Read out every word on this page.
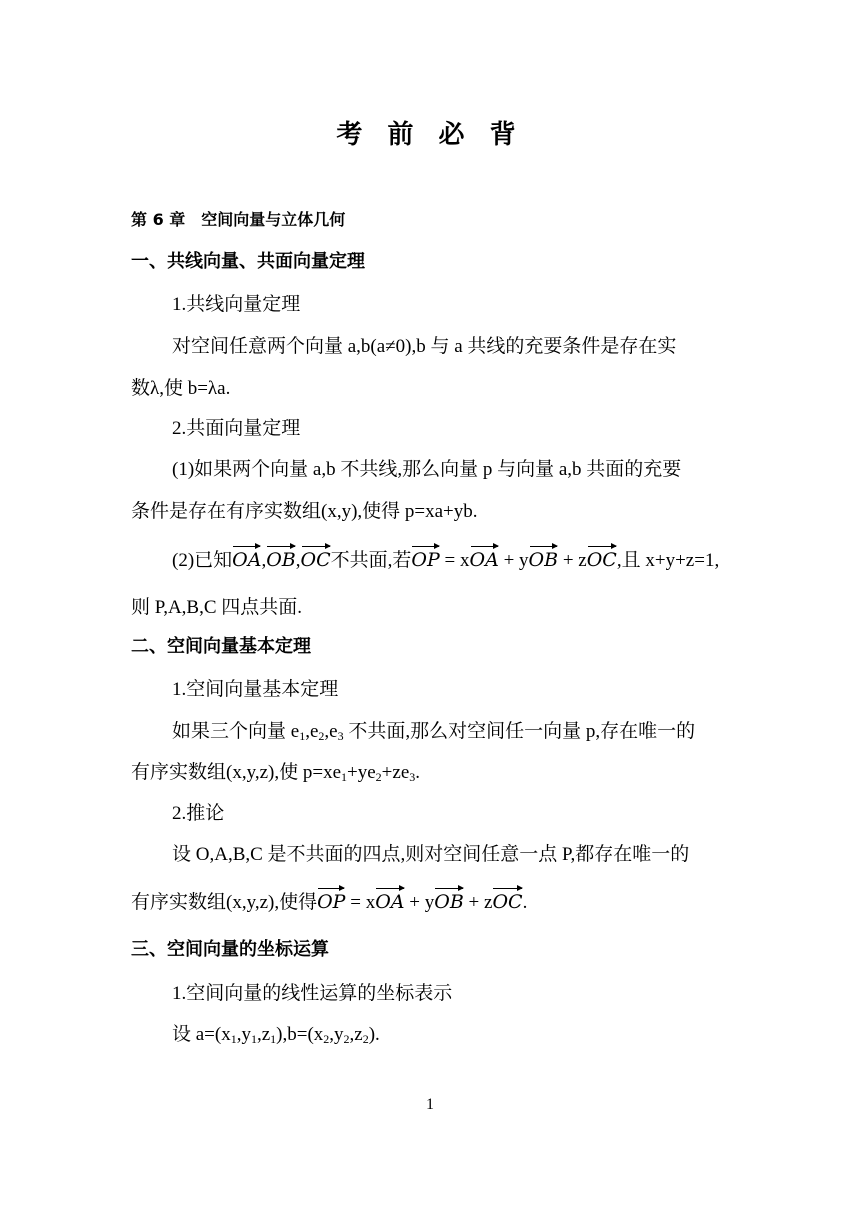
考 前 必 背
第 6 章　空间向量与立体几何
一、共线向量、共面向量定理
1.共线向量定理
对空间任意两个向量 a,b(a≠0),b 与 a 共线的充要条件是存在实
数λ,使 b=λa.
2.共面向量定理
(1)如果两个向量 a,b 不共线,那么向量 p 与向量 a,b 共面的充要
条件是存在有序实数组(x,y),使得 p=xa+yb.
(2)已知OA,OB,OC不共面,若OP = xOA + yOB + zOC,且 x+y+z=1,
则 P,A,B,C 四点共面.
二、空间向量基本定理
1.空间向量基本定理
如果三个向量 $e_1,e_2,e_3$ 不共面,那么对空间任一向量 p,存在唯一的
有序实数组(x,y,z),使 $p=xe_1+ye_2+ze_3$.
2.推论
设 O,A,B,C 是不共面的四点,则对空间任意一点 P,都存在唯一的
有序实数组(x,y,z),使得OP = xOA + yOB + zOC.
三、空间向量的坐标运算
1.空间向量的线性运算的坐标表示
设 $a=(x_1,y_1,z_1),b=(x_2,y_2,z_2)$.
1
